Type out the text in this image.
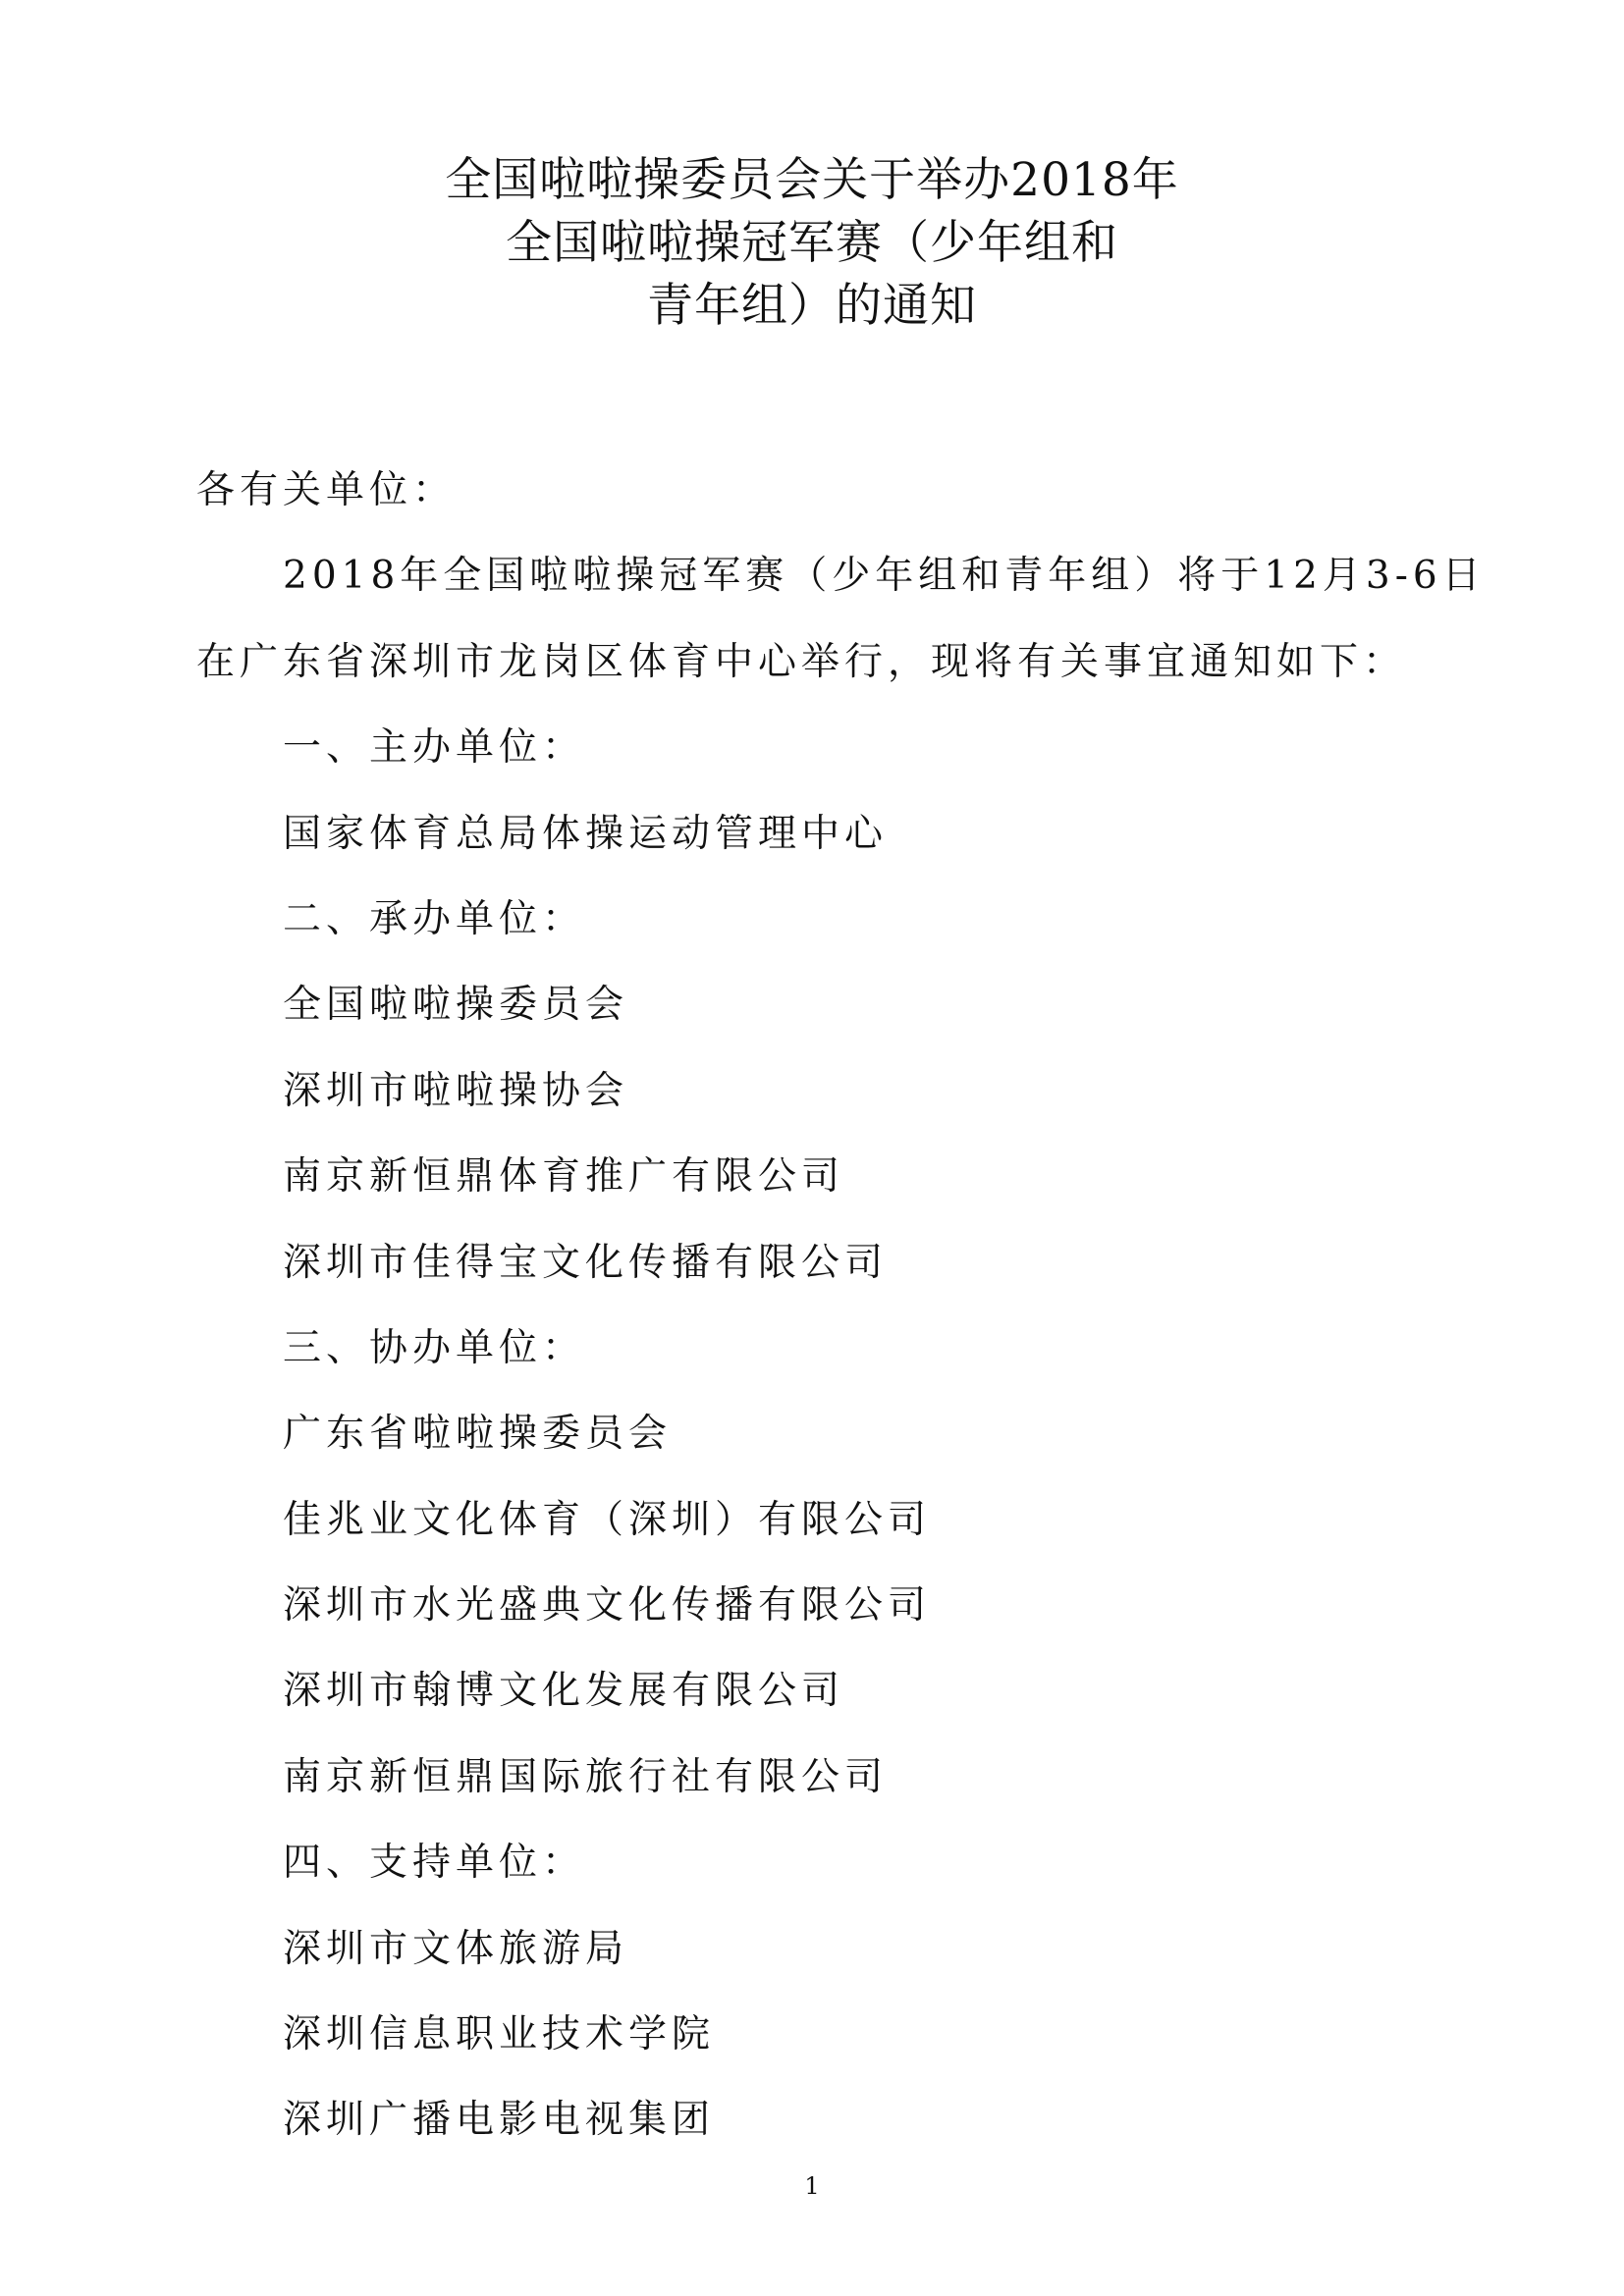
全国啦啦操委员会关于举办2018年
全国啦啦操冠军赛（少年组和
青年组）的通知
各有关单位：
2018年全国啦啦操冠军赛（少年组和青年组）将于12月3-6日
在广东省深圳市龙岗区体育中心举行，现将有关事宜通知如下：
一、主办单位：
国家体育总局体操运动管理中心
二、承办单位：
全国啦啦操委员会
深圳市啦啦操协会
南京新恒鼎体育推广有限公司
深圳市佳得宝文化传播有限公司
三、协办单位：
广东省啦啦操委员会
佳兆业文化体育（深圳）有限公司
深圳市水光盛典文化传播有限公司
深圳市翰博文化发展有限公司
南京新恒鼎国际旅行社有限公司
四、支持单位：
深圳市文体旅游局
深圳信息职业技术学院
深圳广播电影电视集团
1
